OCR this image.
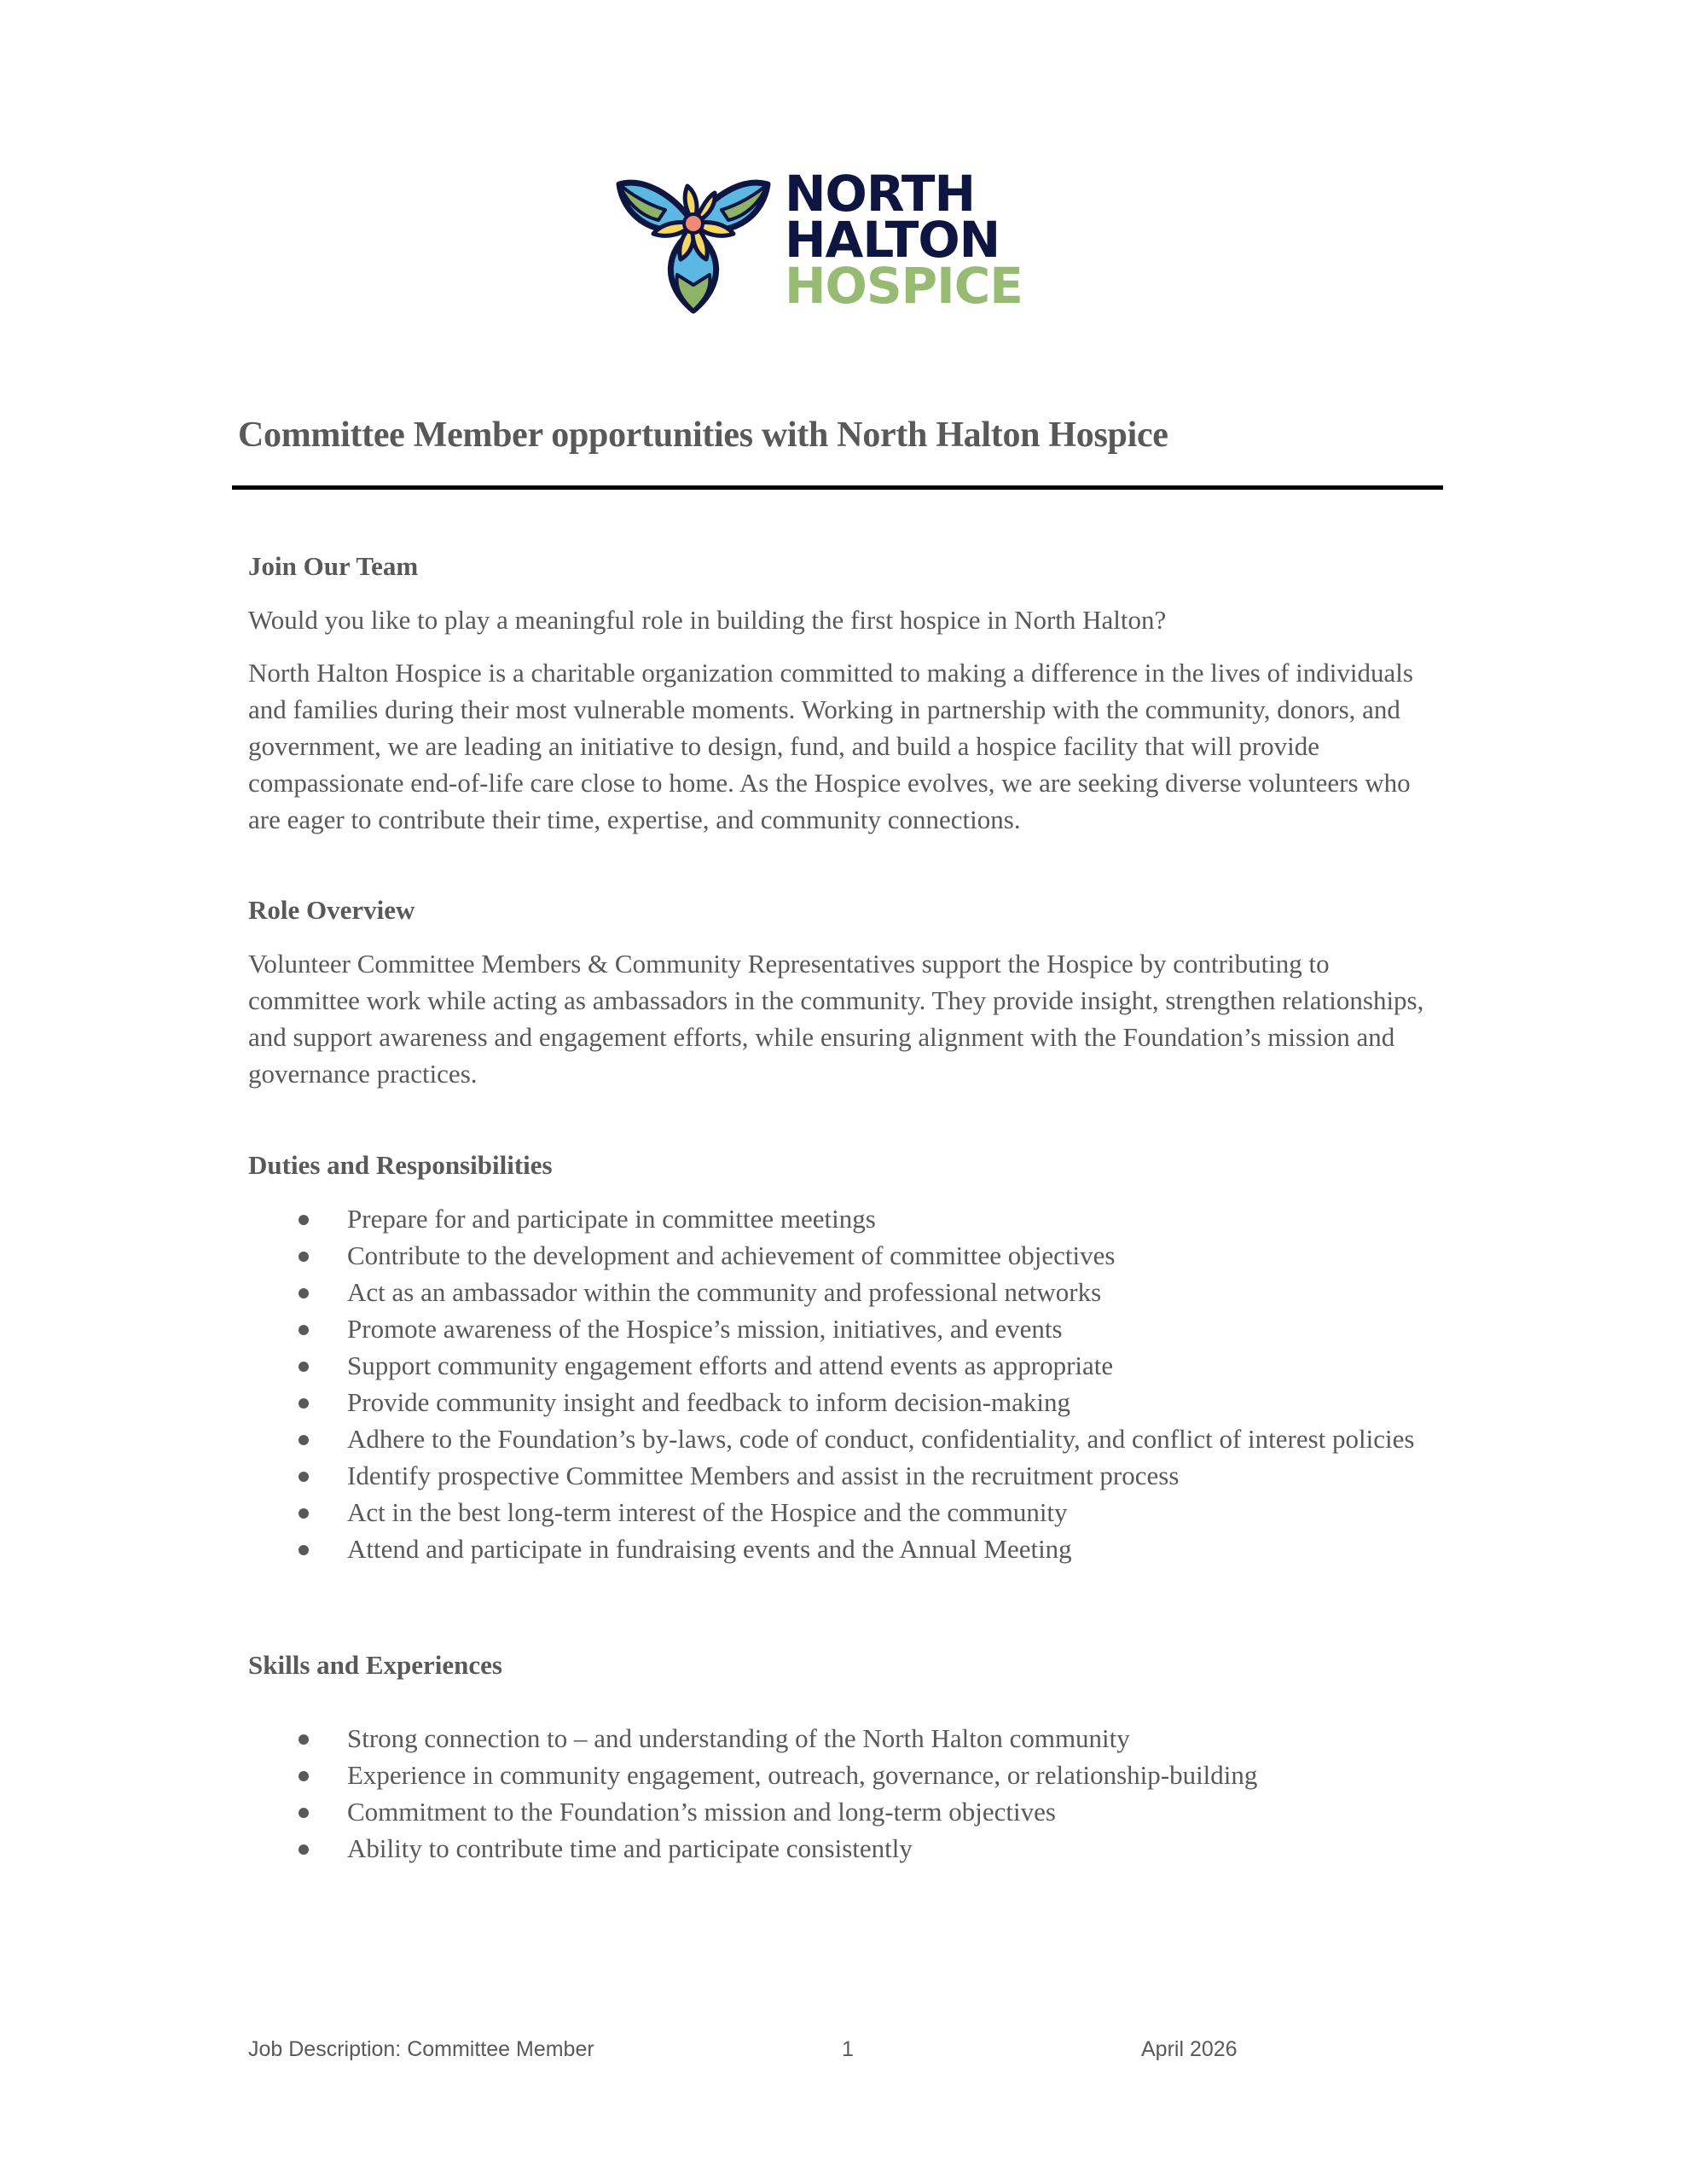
NORTH
HALTON
HOSPICE
Committee Member opportunities with North Halton Hospice
Join Our Team

Would you like to play a meaningful role in building the first hospice in North Halton?

North Halton Hospice is a charitable organization committed to making a difference in the lives of individuals and families during their most vulnerable moments. Working in partnership with the community, donors, and government, we are leading an initiative to design, fund, and build a hospice facility that will provide compassionate end-of-life care close to home. As the Hospice evolves, we are seeking diverse volunteers who are eager to contribute their time, expertise, and community connections.

Role Overview

Volunteer Committee Members & Community Representatives support the Hospice by contributing to committee work while acting as ambassadors in the community. They provide insight, strengthen relationships, and support awareness and engagement efforts, while ensuring alignment with the Foundation’s mission and governance practices.

Duties and Responsibilities
Prepare for and participate in committee meetings
Contribute to the development and achievement of committee objectives
Act as an ambassador within the community and professional networks
Promote awareness of the Hospice’s mission, initiatives, and events
Support community engagement efforts and attend events as appropriate
Provide community insight and feedback to inform decision-making
Adhere to the Foundation’s by-laws, code of conduct, confidentiality, and conflict of interest policies
Identify prospective Committee Members and assist in the recruitment process
Act in the best long-term interest of the Hospice and the community
Attend and participate in fundraising events and the Annual Meeting
Skills and Experiences
Strong connection to – and understanding of the North Halton community
Experience in community engagement, outreach, governance, or relationship-building
Commitment to the Foundation’s mission and long-term objectives
Ability to contribute time and participate consistently
Job Description: Committee Member	1	April 2026
